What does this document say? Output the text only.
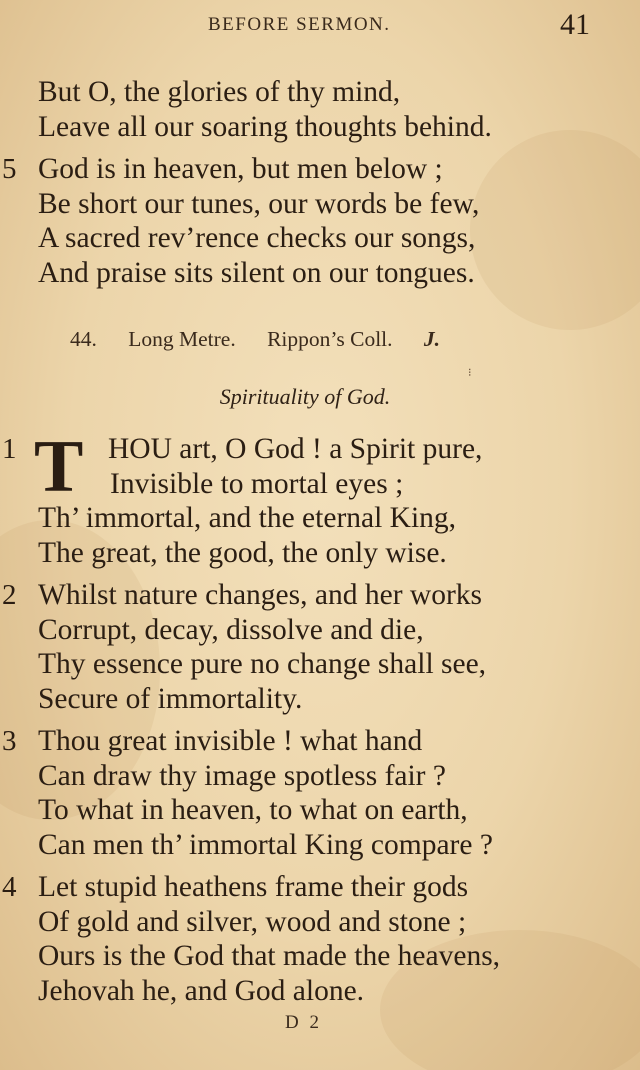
BEFORE SERMON.	41
But O, the glories of thy mind,
Leave all our soaring thoughts behind.
5 God is in heaven, but men below ;
Be short our tunes, our words be few,
A sacred rev’rence checks our songs,
And praise sits silent on our tongues.
44. Long Metre. Rippon’s Coll. J.
⁝
Spirituality of God.
1 T HOU art, O God ! a Spirit pure,
Invisible to mortal eyes ;
Th’ immortal, and the eternal King,
The great, the good, the only wise.
2 Whilst nature changes, and her works
Corrupt, decay, dissolve and die,
Thy essence pure no change shall see,
Secure of immortality.
3 Thou great invisible ! what hand
Can draw thy image spotless fair ?
To what in heaven, to what on earth,
Can men th’ immortal King compare ?
4 Let stupid heathens frame their gods
Of gold and silver, wood and stone ;
Ours is the God that made the heavens,
Jehovah he, and God alone.
D 2
